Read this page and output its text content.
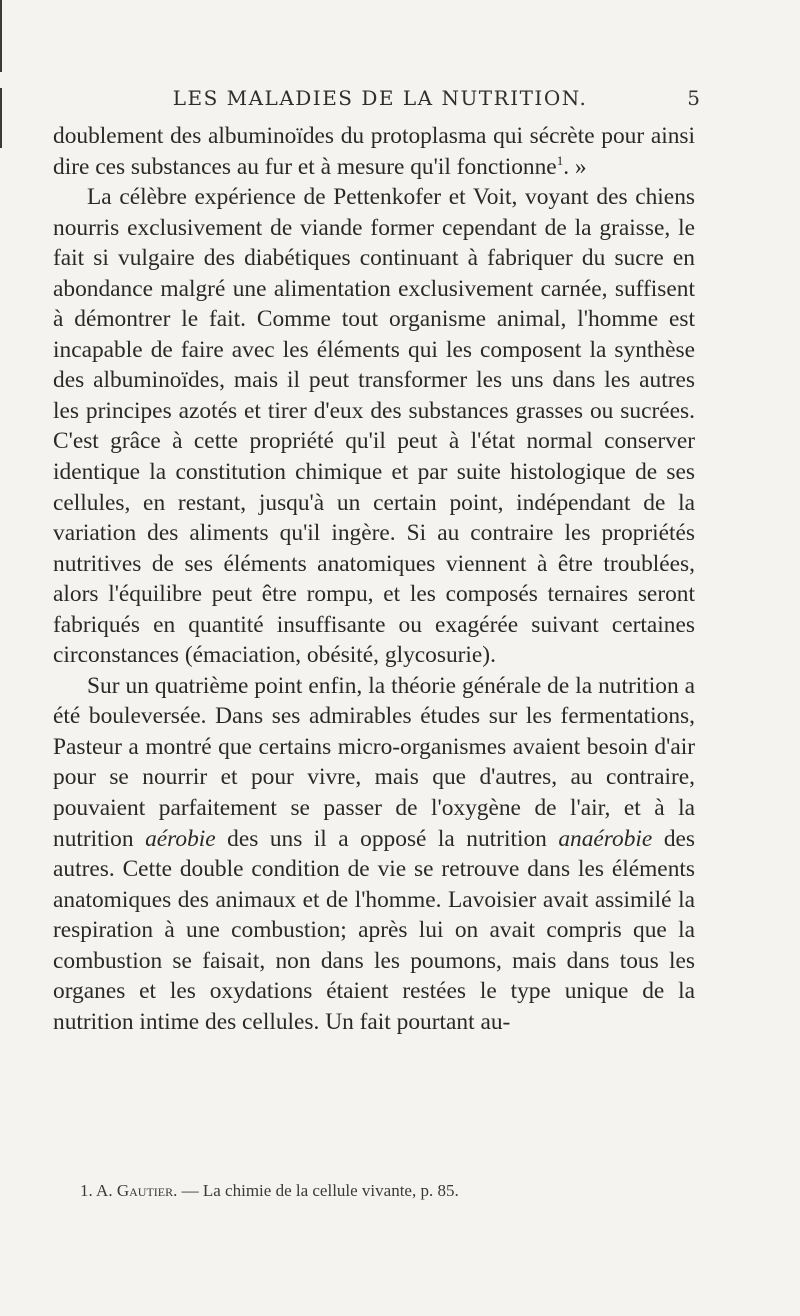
LES MALADIES DE LA NUTRITION.	5

doublement des albuminoïdes du protoplasma qui sécrète pour ainsi dire ces substances au fur et à mesure qu'il fonctionne$^1$. »

La célèbre expérience de Pettenkofer et Voit, voyant des chiens nourris exclusivement de viande former cependant de la graisse, le fait si vulgaire des diabétiques continuant à fabriquer du sucre en abondance malgré une alimentation exclusivement carnée, suffisent à démontrer le fait. Comme tout organisme animal, l'homme est incapable de faire avec les éléments qui les composent la synthèse des albuminoïdes, mais il peut transformer les uns dans les autres les principes azotés et tirer d'eux des substances grasses ou sucrées. C'est grâce à cette propriété qu'il peut à l'état normal conserver identique la constitution chimique et par suite histologique de ses cellules, en restant, jusqu'à un certain point, indépendant de la variation des aliments qu'il ingère. Si au contraire les propriétés nutritives de ses éléments anatomiques viennent à être troublées, alors l'équilibre peut être rompu, et les composés ternaires seront fabriqués en quantité insuffisante ou exagérée suivant certaines circonstances (émaciation, obésité, glycosurie).

Sur un quatrième point enfin, la théorie générale de la nutrition a été bouleversée. Dans ses admirables études sur les fermentations, Pasteur a montré que certains micro-organismes avaient besoin d'air pour se nourrir et pour vivre, mais que d'autres, au contraire, pouvaient parfaitement se passer de l'oxygène de l'air, et à la nutrition aérobie des uns il a opposé la nutrition anaérobie des autres. Cette double condition de vie se retrouve dans les éléments anatomiques des animaux et de l'homme. Lavoisier avait assimilé la respiration à une combustion; après lui on avait compris que la combustion se faisait, non dans les poumons, mais dans tous les organes et les oxydations étaient restées le type unique de la nutrition intime des cellules. Un fait pourtant au-

1. A. Gautier. — La chimie de la cellule vivante, p. 85.
